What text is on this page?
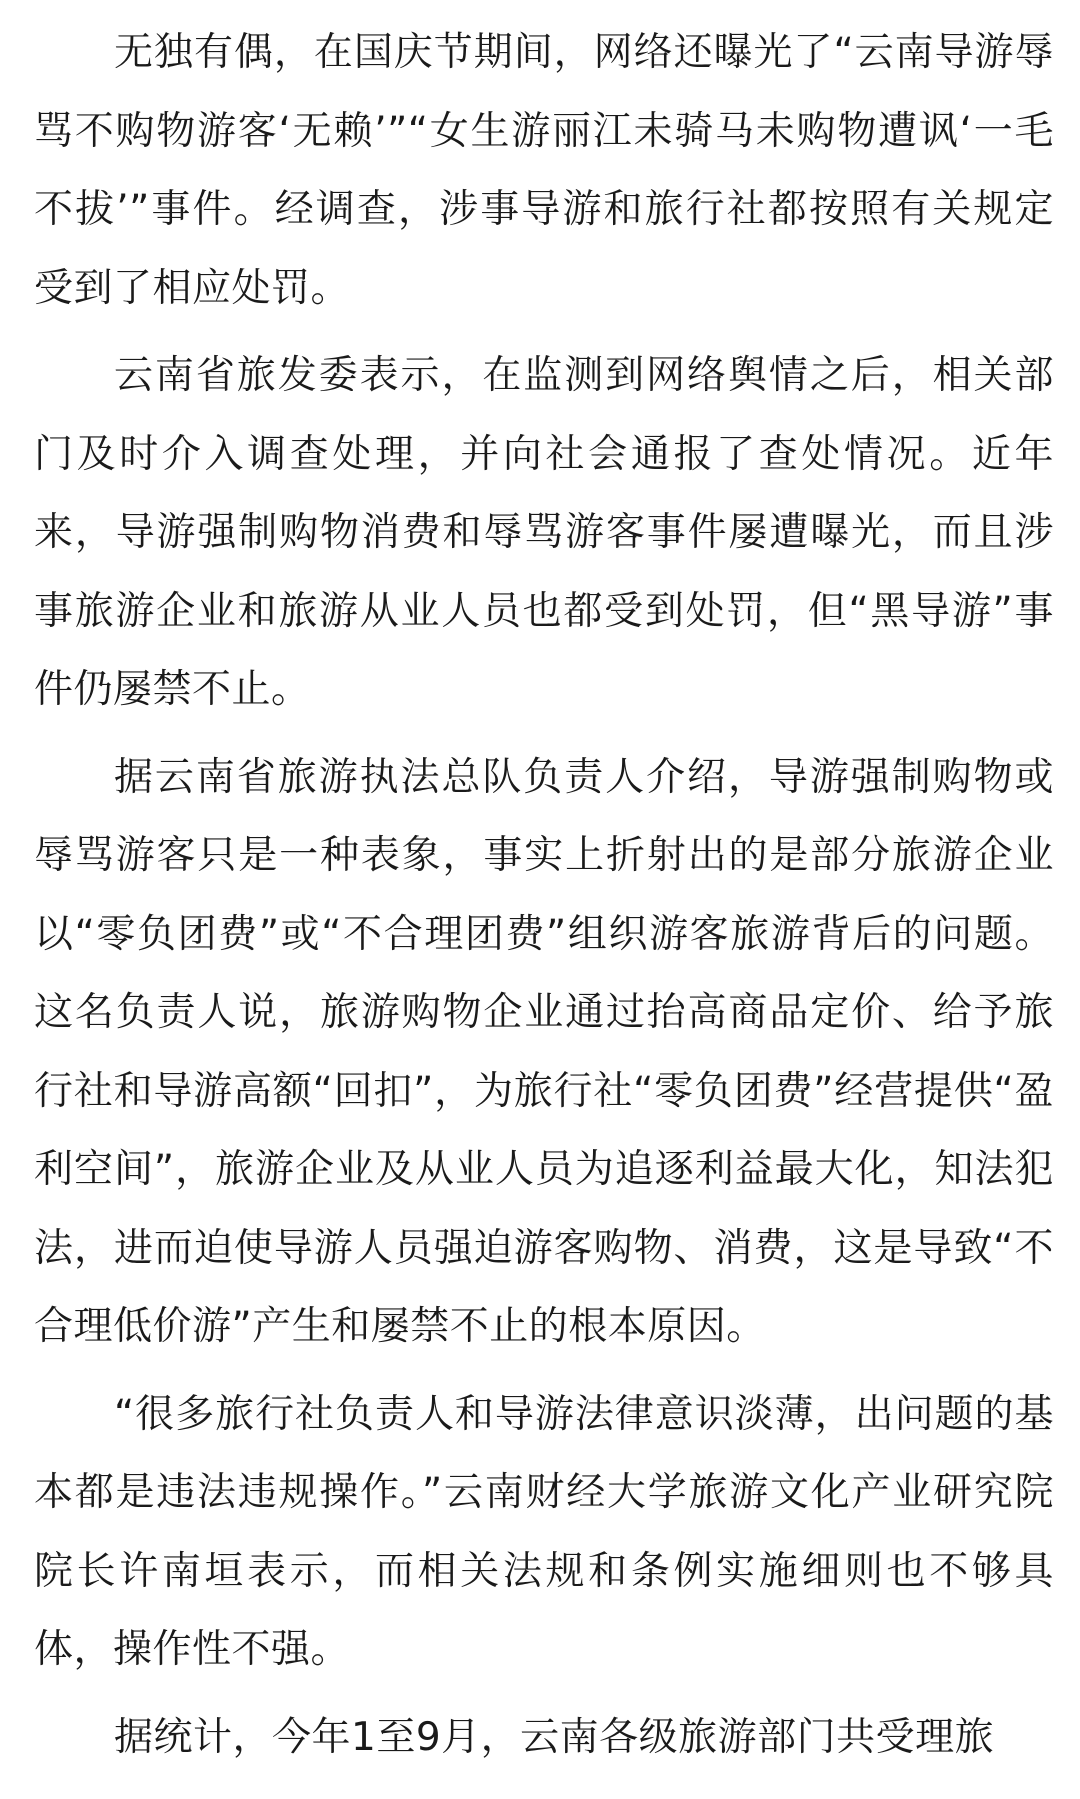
无独有偶，在国庆节期间，网络还曝光了“云南导游辱骂不购物游客‘无赖’”“女生游丽江未骑马未购物遭讽‘一毛不拔’”事件。经调查，涉事导游和旅行社都按照有关规定受到了相应处罚。

云南省旅发委表示，在监测到网络舆情之后，相关部门及时介入调查处理，并向社会通报了查处情况。近年来，导游强制购物消费和辱骂游客事件屡遭曝光，而且涉事旅游企业和旅游从业人员也都受到处罚，但“黑导游”事件仍屡禁不止。

据云南省旅游执法总队负责人介绍，导游强制购物或辱骂游客只是一种表象，事实上折射出的是部分旅游企业以“零负团费”或“不合理团费”组织游客旅游背后的问题。这名负责人说，旅游购物企业通过抬高商品定价、给予旅行社和导游高额“回扣”，为旅行社“零负团费”经营提供“盈利空间”，旅游企业及从业人员为追逐利益最大化，知法犯法，进而迫使导游人员强迫游客购物、消费，这是导致“不合理低价游”产生和屡禁不止的根本原因。

“很多旅行社负责人和导游法律意识淡薄，出问题的基本都是违法违规操作。”云南财经大学旅游文化产业研究院院长许南垣表示，而相关法规和条例实施细则也不够具体，操作性不强。

据统计，今年1至9月，云南各级旅游部门共受理旅
